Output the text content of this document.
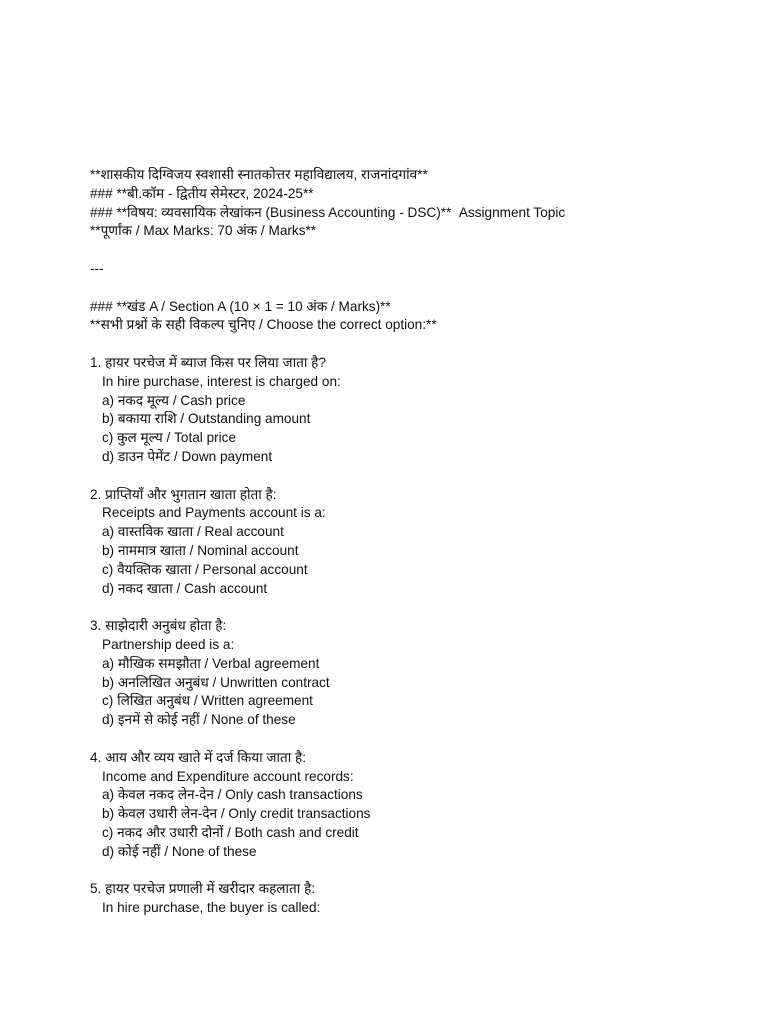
**शासकीय दिग्विजय स्वशासी स्नातकोत्तर महाविद्यालय, राजनांदगांव**
### **बी.कॉम - द्वितीय सेमेस्टर, 2024-25**
### **विषय: व्यवसायिक लेखांकन (Business Accounting - DSC)**  Assignment Topic
**पूर्णांक / Max Marks: 70 अंक / Marks**
---
### **खंड A / Section A (10 × 1 = 10 अंक / Marks)**
**सभी प्रश्नों के सही विकल्प चुनिए / Choose the correct option:**
1. हायर परचेज में ब्याज किस पर लिया जाता है?
In hire purchase, interest is charged on:
a) नकद मूल्य / Cash price
b) बकाया राशि / Outstanding amount
c) कुल मूल्य / Total price
d) डाउन पेमेंट / Down payment
2. प्राप्तियाँ और भुगतान खाता होता है:
Receipts and Payments account is a:
a) वास्तविक खाता / Real account
b) नाममात्र खाता / Nominal account
c) वैयक्तिक खाता / Personal account
d) नकद खाता / Cash account
3. साझेदारी अनुबंध होता है:
Partnership deed is a:
a) मौखिक समझौता / Verbal agreement
b) अनलिखित अनुबंध / Unwritten contract
c) लिखित अनुबंध / Written agreement
d) इनमें से कोई नहीं / None of these
4. आय और व्यय खाते में दर्ज किया जाता है:
Income and Expenditure account records:
a) केवल नकद लेन-देन / Only cash transactions
b) केवल उधारी लेन-देन / Only credit transactions
c) नकद और उधारी दोनों / Both cash and credit
d) कोई नहीं / None of these
5. हायर परचेज प्रणाली में खरीदार कहलाता है:
In hire purchase, the buyer is called:
